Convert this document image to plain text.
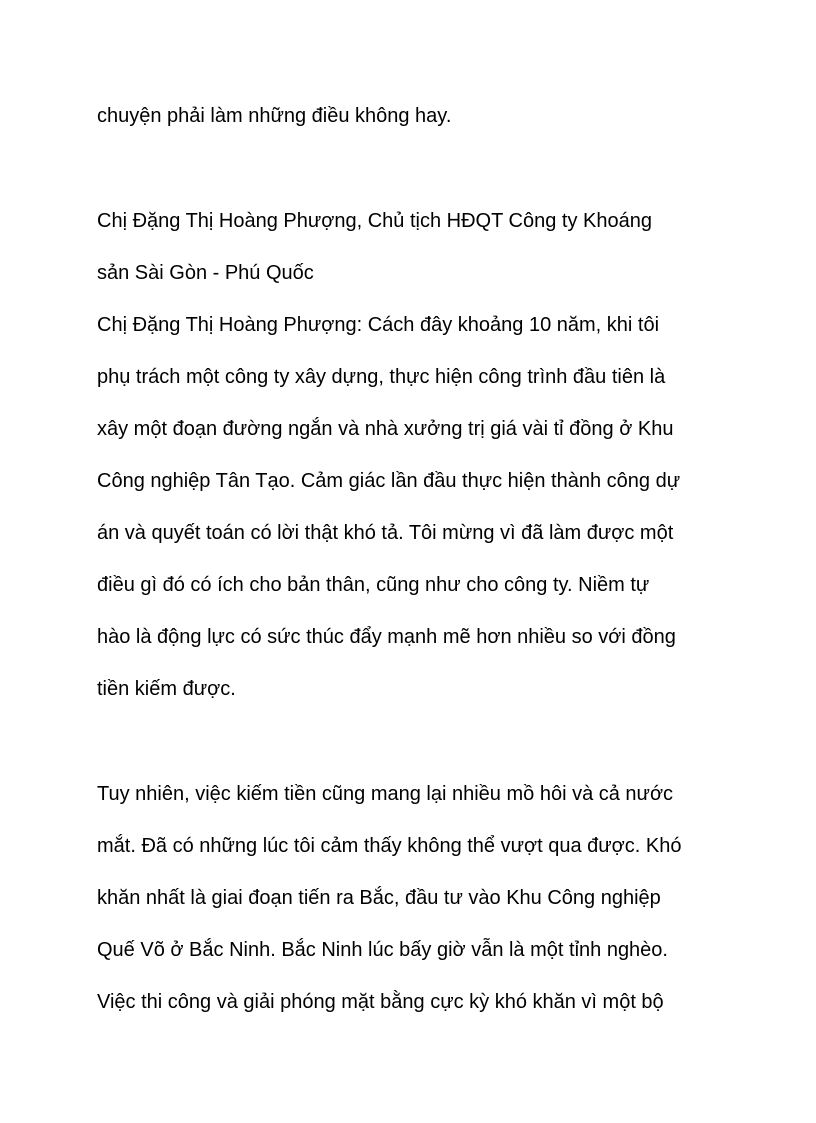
chuyện phải làm những điều không hay.

Chị Đặng Thị Hoàng Phượng, Chủ tịch HĐQT Công ty Khoáng

sản Sài Gòn - Phú Quốc

Chị Đặng Thị Hoàng Phượng: Cách đây khoảng 10 năm, khi tôi

phụ trách một công ty xây dựng, thực hiện công trình đầu tiên là

xây một đoạn đường ngắn và nhà xưởng trị giá vài tỉ đồng ở Khu

Công nghiệp Tân Tạo. Cảm giác lần đầu thực hiện thành công dự

án và quyết toán có lời thật khó tả. Tôi mừng vì đã làm được một

điều gì đó có ích cho bản thân, cũng như cho công ty. Niềm tự

hào là động lực có sức thúc đẩy mạnh mẽ hơn nhiều so với đồng

tiền kiếm được.

Tuy nhiên, việc kiếm tiền cũng mang lại nhiều mồ hôi và cả nước

mắt. Đã có những lúc tôi cảm thấy không thể vượt qua được. Khó

khăn nhất là giai đoạn tiến ra Bắc, đầu tư vào Khu Công nghiệp

Quế Võ ở Bắc Ninh. Bắc Ninh lúc bấy giờ vẫn là một tỉnh nghèo.

Việc thi công và giải phóng mặt bằng cực kỳ khó khăn vì một bộ
